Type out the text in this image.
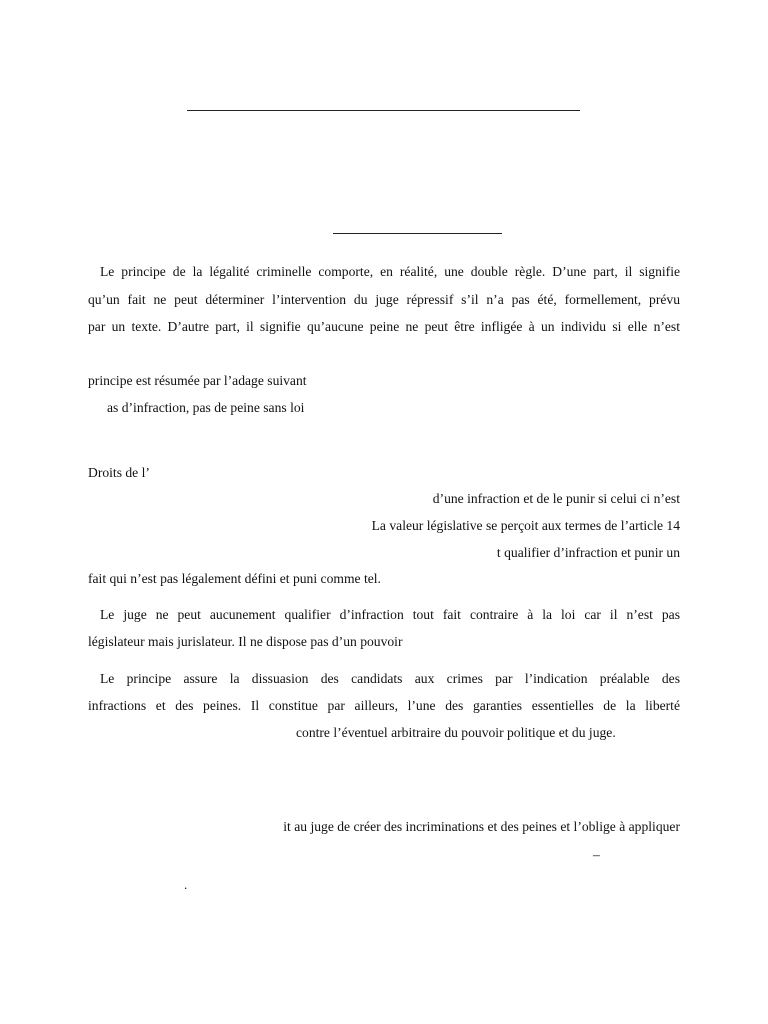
Le principe de la légalité criminelle comporte, en réalité, une double règle. D’une part, il signifie
qu’un fait ne peut déterminer l’intervention du juge répressif s’il n’a pas été, formellement, prévu
par un texte. D’autre part, il signifie qu’aucune peine ne peut être infligée à un individu si elle n’est
principe est résumée par l’adage suivant
as d’infraction, pas de peine sans loi
Droits de l’
d’une infraction et de le punir si celui ci n’est
La valeur législative se perçoit aux termes de l’article 14
t qualifier d’infraction et punir un
fait qui n’est pas légalement défini et puni comme tel.
Le juge ne peut aucunement qualifier d’infraction tout fait contraire à la loi car il n’est pas
législateur mais jurislateur. Il ne dispose pas d’un pouvoir
Le principe assure la dissuasion des candidats aux crimes par l’indication préalable des
infractions et des peines. Il constitue par ailleurs, l’une des garanties essentielles de la liberté
contre l’éventuel arbitraire du pouvoir politique et du juge.
it au juge de créer des incriminations et des peines et l’oblige à appliquer
–
.
